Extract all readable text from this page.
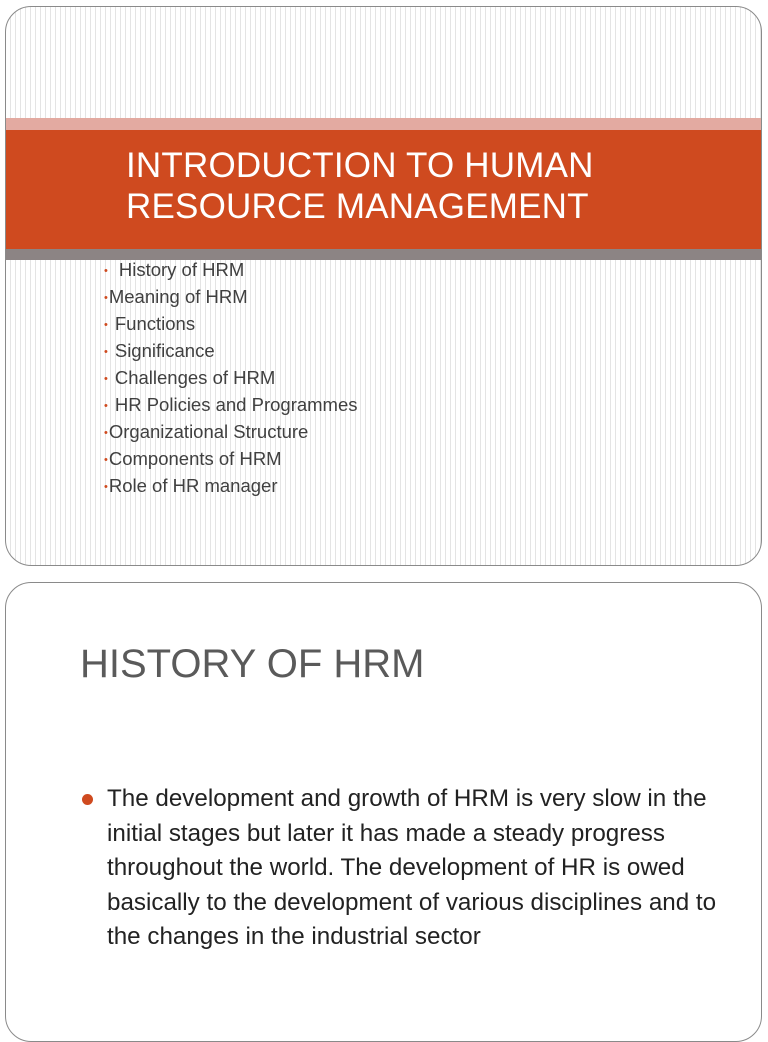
INTRODUCTION TO HUMAN
RESOURCE MANAGEMENT
• History of HRM
•Meaning of HRM
• Functions
• Significance
• Challenges of HRM
• HR Policies and Programmes
•Organizational Structure
•Components of HRM
•Role of HR manager
HISTORY OF HRM
The development and growth of HRM is very slow in the initial stages but later it has made a steady progress throughout the world. The development of HR is owed basically to the development of various disciplines and to the changes in the industrial sector
